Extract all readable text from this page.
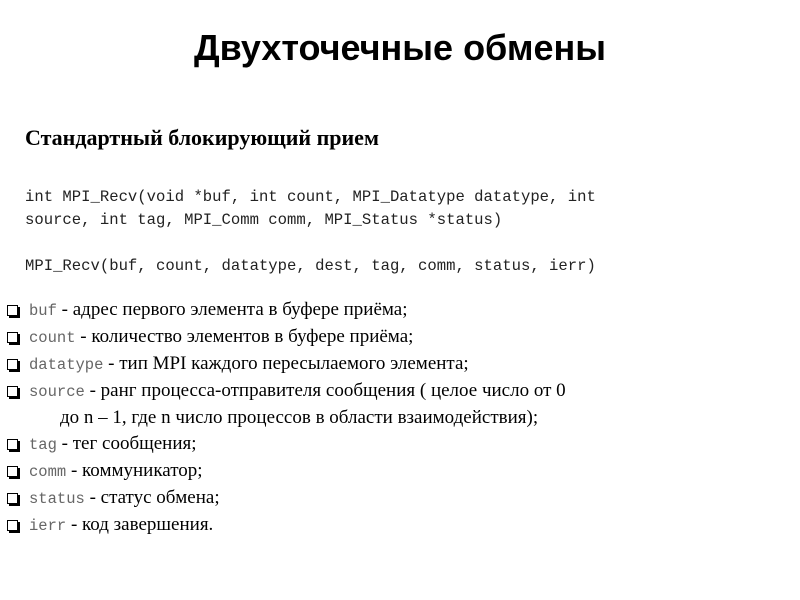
Двухточечные обмены
Стандартный блокирующий прием
int MPI_Recv(void *buf, int count, MPI_Datatype datatype, int
source, int tag, MPI_Comm comm, MPI_Status *status)
MPI_Recv(buf, count, datatype, dest, tag, comm, status, ierr)
buf - адрес первого элемента в буфере приёма;
count - количество элементов в буфере приёма;
datatype - тип MPI каждого пересылаемого элемента;
source - ранг процесса-отправителя сообщения ( целое число от 0
до n – 1, где n число процессов в области взаимодействия);
tag - тег сообщения;
comm - коммуникатор;
status - статус обмена;
ierr - код завершения.
